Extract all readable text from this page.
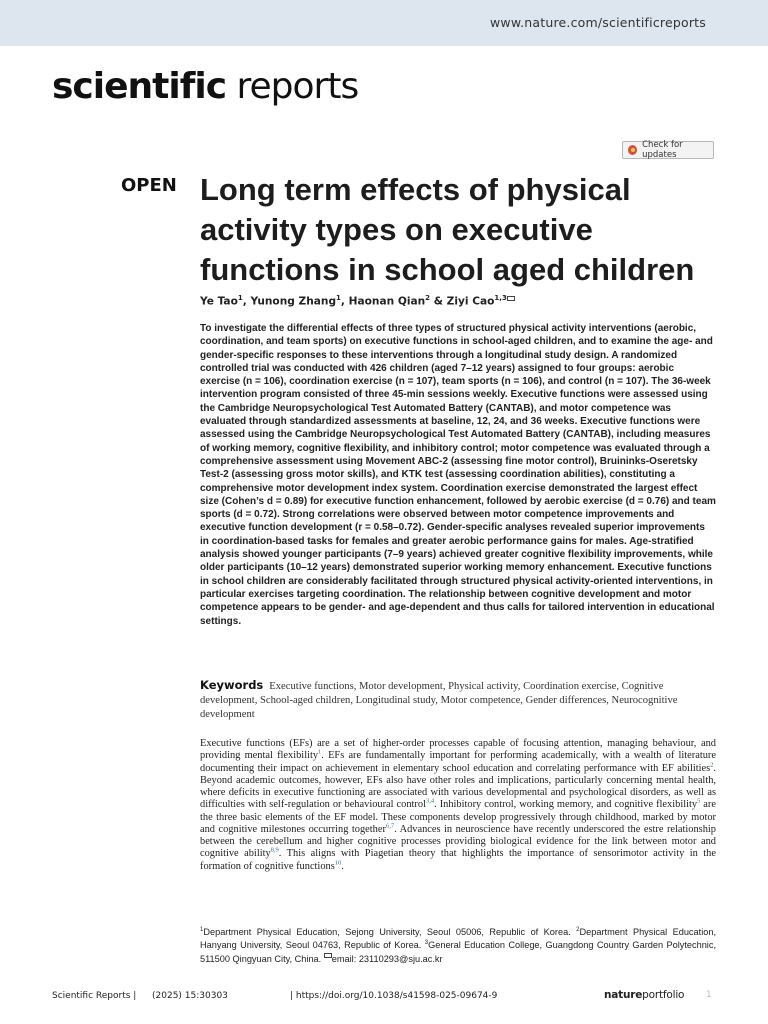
www.nature.com/scientificreports
scientific reports
Check for updates
OPEN Long term effects of physical activity types on executive functions in school aged children
Ye Tao$^1$, Yunong Zhang$^1$, Haonan Qian$^2$ & Ziyi Cao$^{1,3}$

To investigate the differential effects of three types of structured physical activity interventions (aerobic, coordination, and team sports) on executive functions in school-aged children, and to examine the age- and gender-specific responses to these interventions through a longitudinal study design. A randomized controlled trial was conducted with 426 children (aged 7–12 years) assigned to four groups: aerobic exercise (n = 106), coordination exercise (n = 107), team sports (n = 106), and control (n = 107). The 36-week intervention program consisted of three 45-min sessions weekly. Executive functions were assessed using the Cambridge Neuropsychological Test Automated Battery (CANTAB), and motor competence was evaluated through standardized assessments at baseline, 12, 24, and 36 weeks. Executive functions were assessed using the Cambridge Neuropsychological Test Automated Battery (CANTAB), including measures of working memory, cognitive flexibility, and inhibitory control; motor competence was evaluated through a comprehensive assessment using Movement ABC-2 (assessing fine motor control), Bruininks-Oseretsky Test-2 (assessing gross motor skills), and KTK test (assessing coordination abilities), constituting a comprehensive motor development index system. Coordination exercise demonstrated the largest effect size (Cohen’s d = 0.89) for executive function enhancement, followed by aerobic exercise (d = 0.76) and team sports (d = 0.72). Strong correlations were observed between motor competence improvements and executive function development (r = 0.58–0.72). Gender-specific analyses revealed superior improvements in coordination-based tasks for females and greater aerobic performance gains for males. Age-stratified analysis showed younger participants (7–9 years) achieved greater cognitive flexibility improvements, while older participants (10–12 years) demonstrated superior working memory enhancement. Executive functions in school children are considerably facilitated through structured physical activity-oriented interventions, in particular exercises targeting coordination. The relationship between cognitive development and motor competence appears to be gender- and age-dependent and thus calls for tailored intervention in educational settings.

Keywords Executive functions, Motor development, Physical activity, Coordination exercise, Cognitive development, School-aged children, Longitudinal study, Motor competence, Gender differences, Neurocognitive development

Executive functions (EFs) are a set of higher-order processes capable of focusing attention, managing behaviour, and providing mental flexibility$^1$. EFs are fundamentally important for performing academically, with a wealth of literature documenting their impact on achievement in elementary school education and correlating performance with EF abilities$^2$. Beyond academic outcomes, however, EFs also have other roles and implications, particularly concerning mental health, where deficits in executive functioning are associated with various developmental and psychological disorders, as well as difficulties with self-regulation or behavioural control$^{3,4}$. Inhibitory control, working memory, and cognitive flexibility$^5$ are the three basic elements of the EF model. These components develop progressively through childhood, marked by motor and cognitive milestones occurring together$^{6,7}$. Advances in neuroscience have recently underscored the estre relationship between the cerebellum and higher cognitive processes providing biological evidence for the link between motor and cognitive ability$^{8,9}$. This aligns with Piagetian theory that highlights the importance of sensorimotor activity in the formation of cognitive functions$^{10}$.

$^1$Department Physical Education, Sejong University, Seoul 05006, Republic of Korea. $^2$Department Physical Education, Hanyang University, Seoul 04763, Republic of Korea. $^3$General Education College, Guangdong Country Garden Polytechnic, 511500 Qingyuan City, China. email: 23110293@sju.ac.kr

Scientific Reports | (2025) 15:30303	| https://doi.org/10.1038/s41598-025-09674-9	natureportfolio 1
